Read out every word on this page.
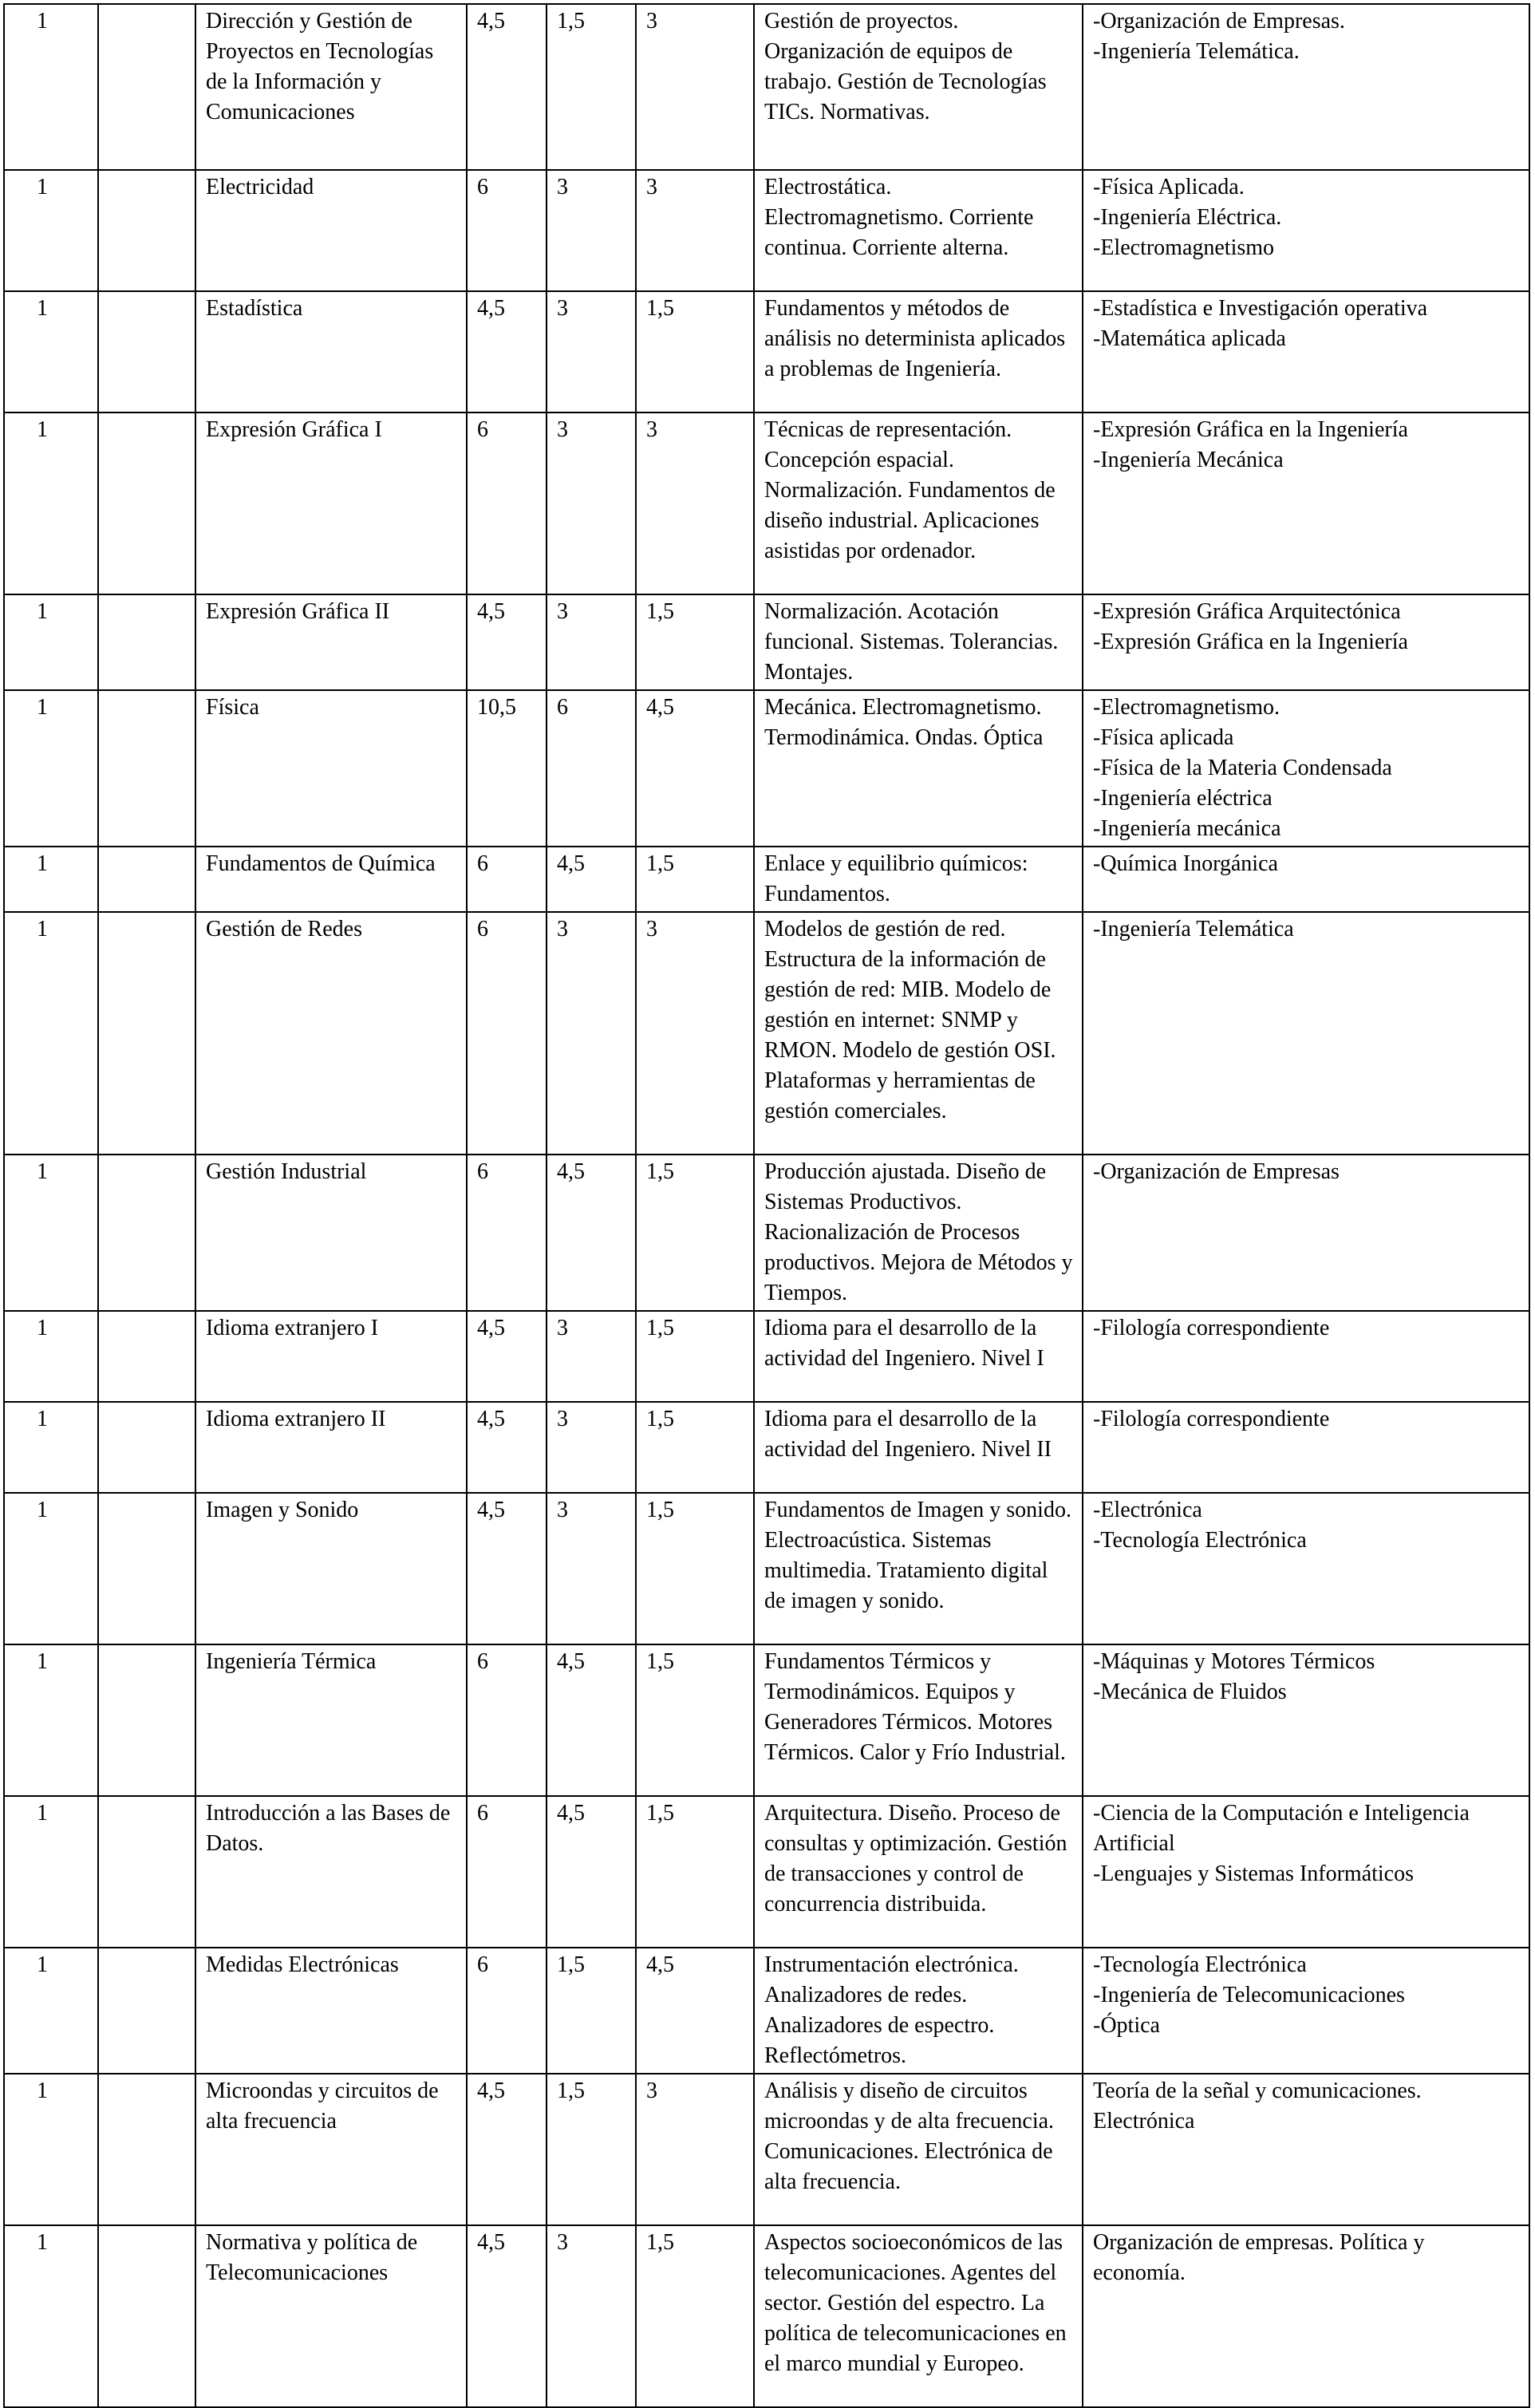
1		Dirección y Gestión de Proyectos en Tecnologías de la Información y Comunicaciones	4,5	1,5	3	Gestión de proyectos. Organización de equipos de trabajo. Gestión de Tecnologías TICs. Normativas.	-Organización de Empresas.
-Ingeniería Telemática.
1		Electricidad	6	3	3	Electrostática. Electromagnetismo. Corriente continua. Corriente alterna.	-Física Aplicada.
-Ingeniería Eléctrica.
-Electromagnetismo
1		Estadística	4,5	3	1,5	Fundamentos y métodos de análisis no determinista aplicados a problemas de Ingeniería.	-Estadística e Investigación operativa
-Matemática aplicada
1		Expresión Gráfica I	6	3	3	Técnicas de representación. Concepción espacial. Normalización. Fundamentos de diseño industrial. Aplicaciones asistidas por ordenador.	-Expresión Gráfica en la Ingeniería
-Ingeniería Mecánica
1		Expresión Gráfica II	4,5	3	1,5	Normalización. Acotación funcional. Sistemas. Tolerancias. Montajes.	-Expresión Gráfica Arquitectónica
-Expresión Gráfica en la Ingeniería
1		Física	10,5	6	4,5	Mecánica. Electromagnetismo. Termodinámica. Ondas. Óptica	-Electromagnetismo.
-Física aplicada
-Física de la Materia Condensada
-Ingeniería eléctrica
-Ingeniería mecánica
1		Fundamentos de Química	6	4,5	1,5	Enlace y equilibrio químicos: Fundamentos.	-Química Inorgánica
1		Gestión de Redes	6	3	3	Modelos de gestión de red. Estructura de la información de gestión de red: MIB. Modelo de gestión en internet: SNMP y RMON. Modelo de gestión OSI. Plataformas y herramientas de gestión comerciales.	-Ingeniería Telemática
1		Gestión Industrial	6	4,5	1,5	Producción ajustada. Diseño de Sistemas Productivos. Racionalización de Procesos productivos. Mejora de Métodos y Tiempos.	-Organización de Empresas
1		Idioma extranjero I	4,5	3	1,5	Idioma para el desarrollo de la actividad del Ingeniero. Nivel I	-Filología correspondiente
1		Idioma extranjero II	4,5	3	1,5	Idioma para el desarrollo de la actividad del Ingeniero. Nivel II	-Filología correspondiente
1		Imagen y Sonido	4,5	3	1,5	Fundamentos de Imagen y sonido. Electroacústica. Sistemas multimedia. Tratamiento digital de imagen y sonido.	-Electrónica
-Tecnología Electrónica
1		Ingeniería Térmica	6	4,5	1,5	Fundamentos Térmicos y Termodinámicos. Equipos y Generadores Térmicos. Motores Térmicos. Calor y Frío Industrial.	-Máquinas y Motores Térmicos
-Mecánica de Fluidos
1		Introducción a las Bases de Datos.	6	4,5	1,5	Arquitectura. Diseño. Proceso de consultas y optimización. Gestión de transacciones y control de concurrencia distribuida.	-Ciencia de la Computación e Inteligencia Artificial
-Lenguajes y Sistemas Informáticos
1		Medidas Electrónicas	6	1,5	4,5	Instrumentación electrónica. Analizadores de redes. Analizadores de espectro. Reflectómetros.	-Tecnología Electrónica
-Ingeniería de Telecomunicaciones
-Óptica
1		Microondas y circuitos de alta frecuencia	4,5	1,5	3	Análisis y diseño de circuitos microondas y de alta frecuencia. Comunicaciones. Electrónica de alta frecuencia.	Teoría de la señal y comunicaciones. Electrónica
1		Normativa y política de Telecomunicaciones	4,5	3	1,5	Aspectos socioeconómicos de las telecomunicaciones. Agentes del sector. Gestión del espectro. La política de telecomunicaciones en el marco mundial y Europeo.	Organización de empresas. Política y economía.
